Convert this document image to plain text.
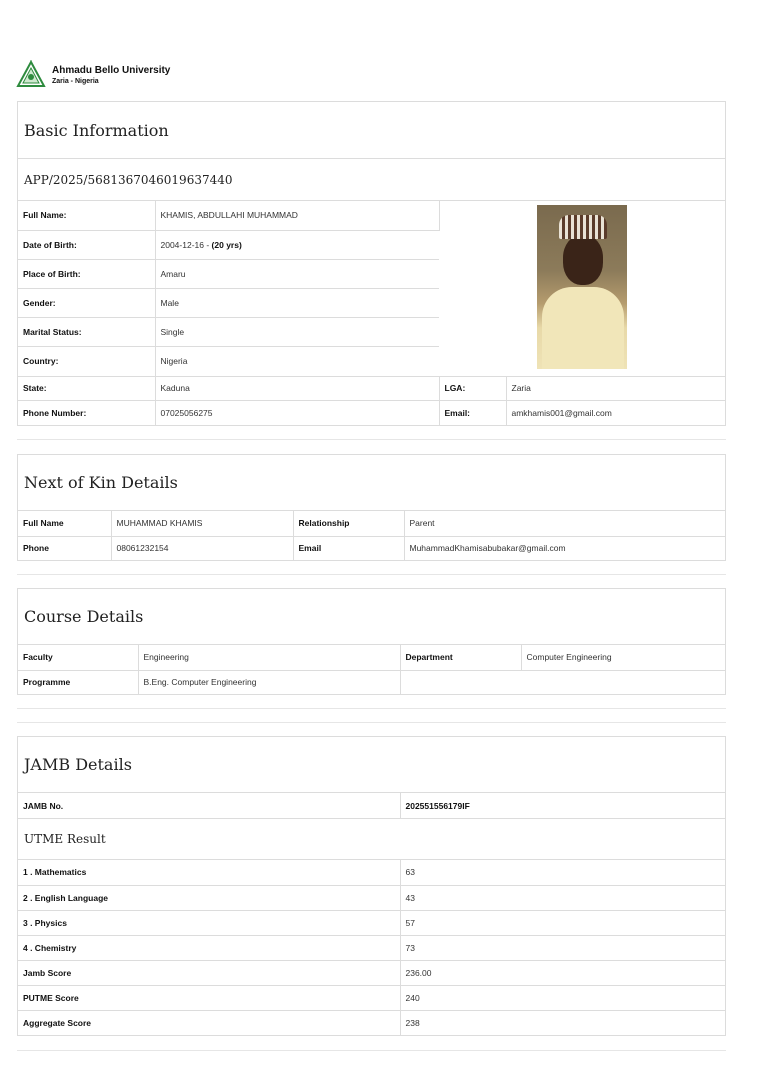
Ahmadu Bello University
Zaria - Nigeria
Basic Information
APP/2025/5681367046019637440
Full Name:	KHAMIS, ABDULLAHI MUHAMMAD		

Date of Birth:	2004-12-16 - (20 yrs)		
Place of Birth:	Amaru		
Gender:	Male		
Marital Status:	Single		
Country:	Nigeria		
State:	Kaduna	LGA:	Zaria
Phone Number:	07025056275	Email:	amkhamis001@gmail.com
Next of Kin Details
Full Name	MUHAMMAD KHAMIS	Relationship	Parent
Phone	08061232154	Email	MuhammadKhamisabubakar@gmail.com
Course Details
Faculty	Engineering	Department	Computer Engineering
Programme	B.Eng. Computer Engineering		
JAMB Details
JAMB No.	202551556179IF
UTME Result
1 . Mathematics	63
2 . English Language	43
3 . Physics	57
4 . Chemistry	73
Jamb Score	236.00
PUTME Score	240
Aggregate Score	238
